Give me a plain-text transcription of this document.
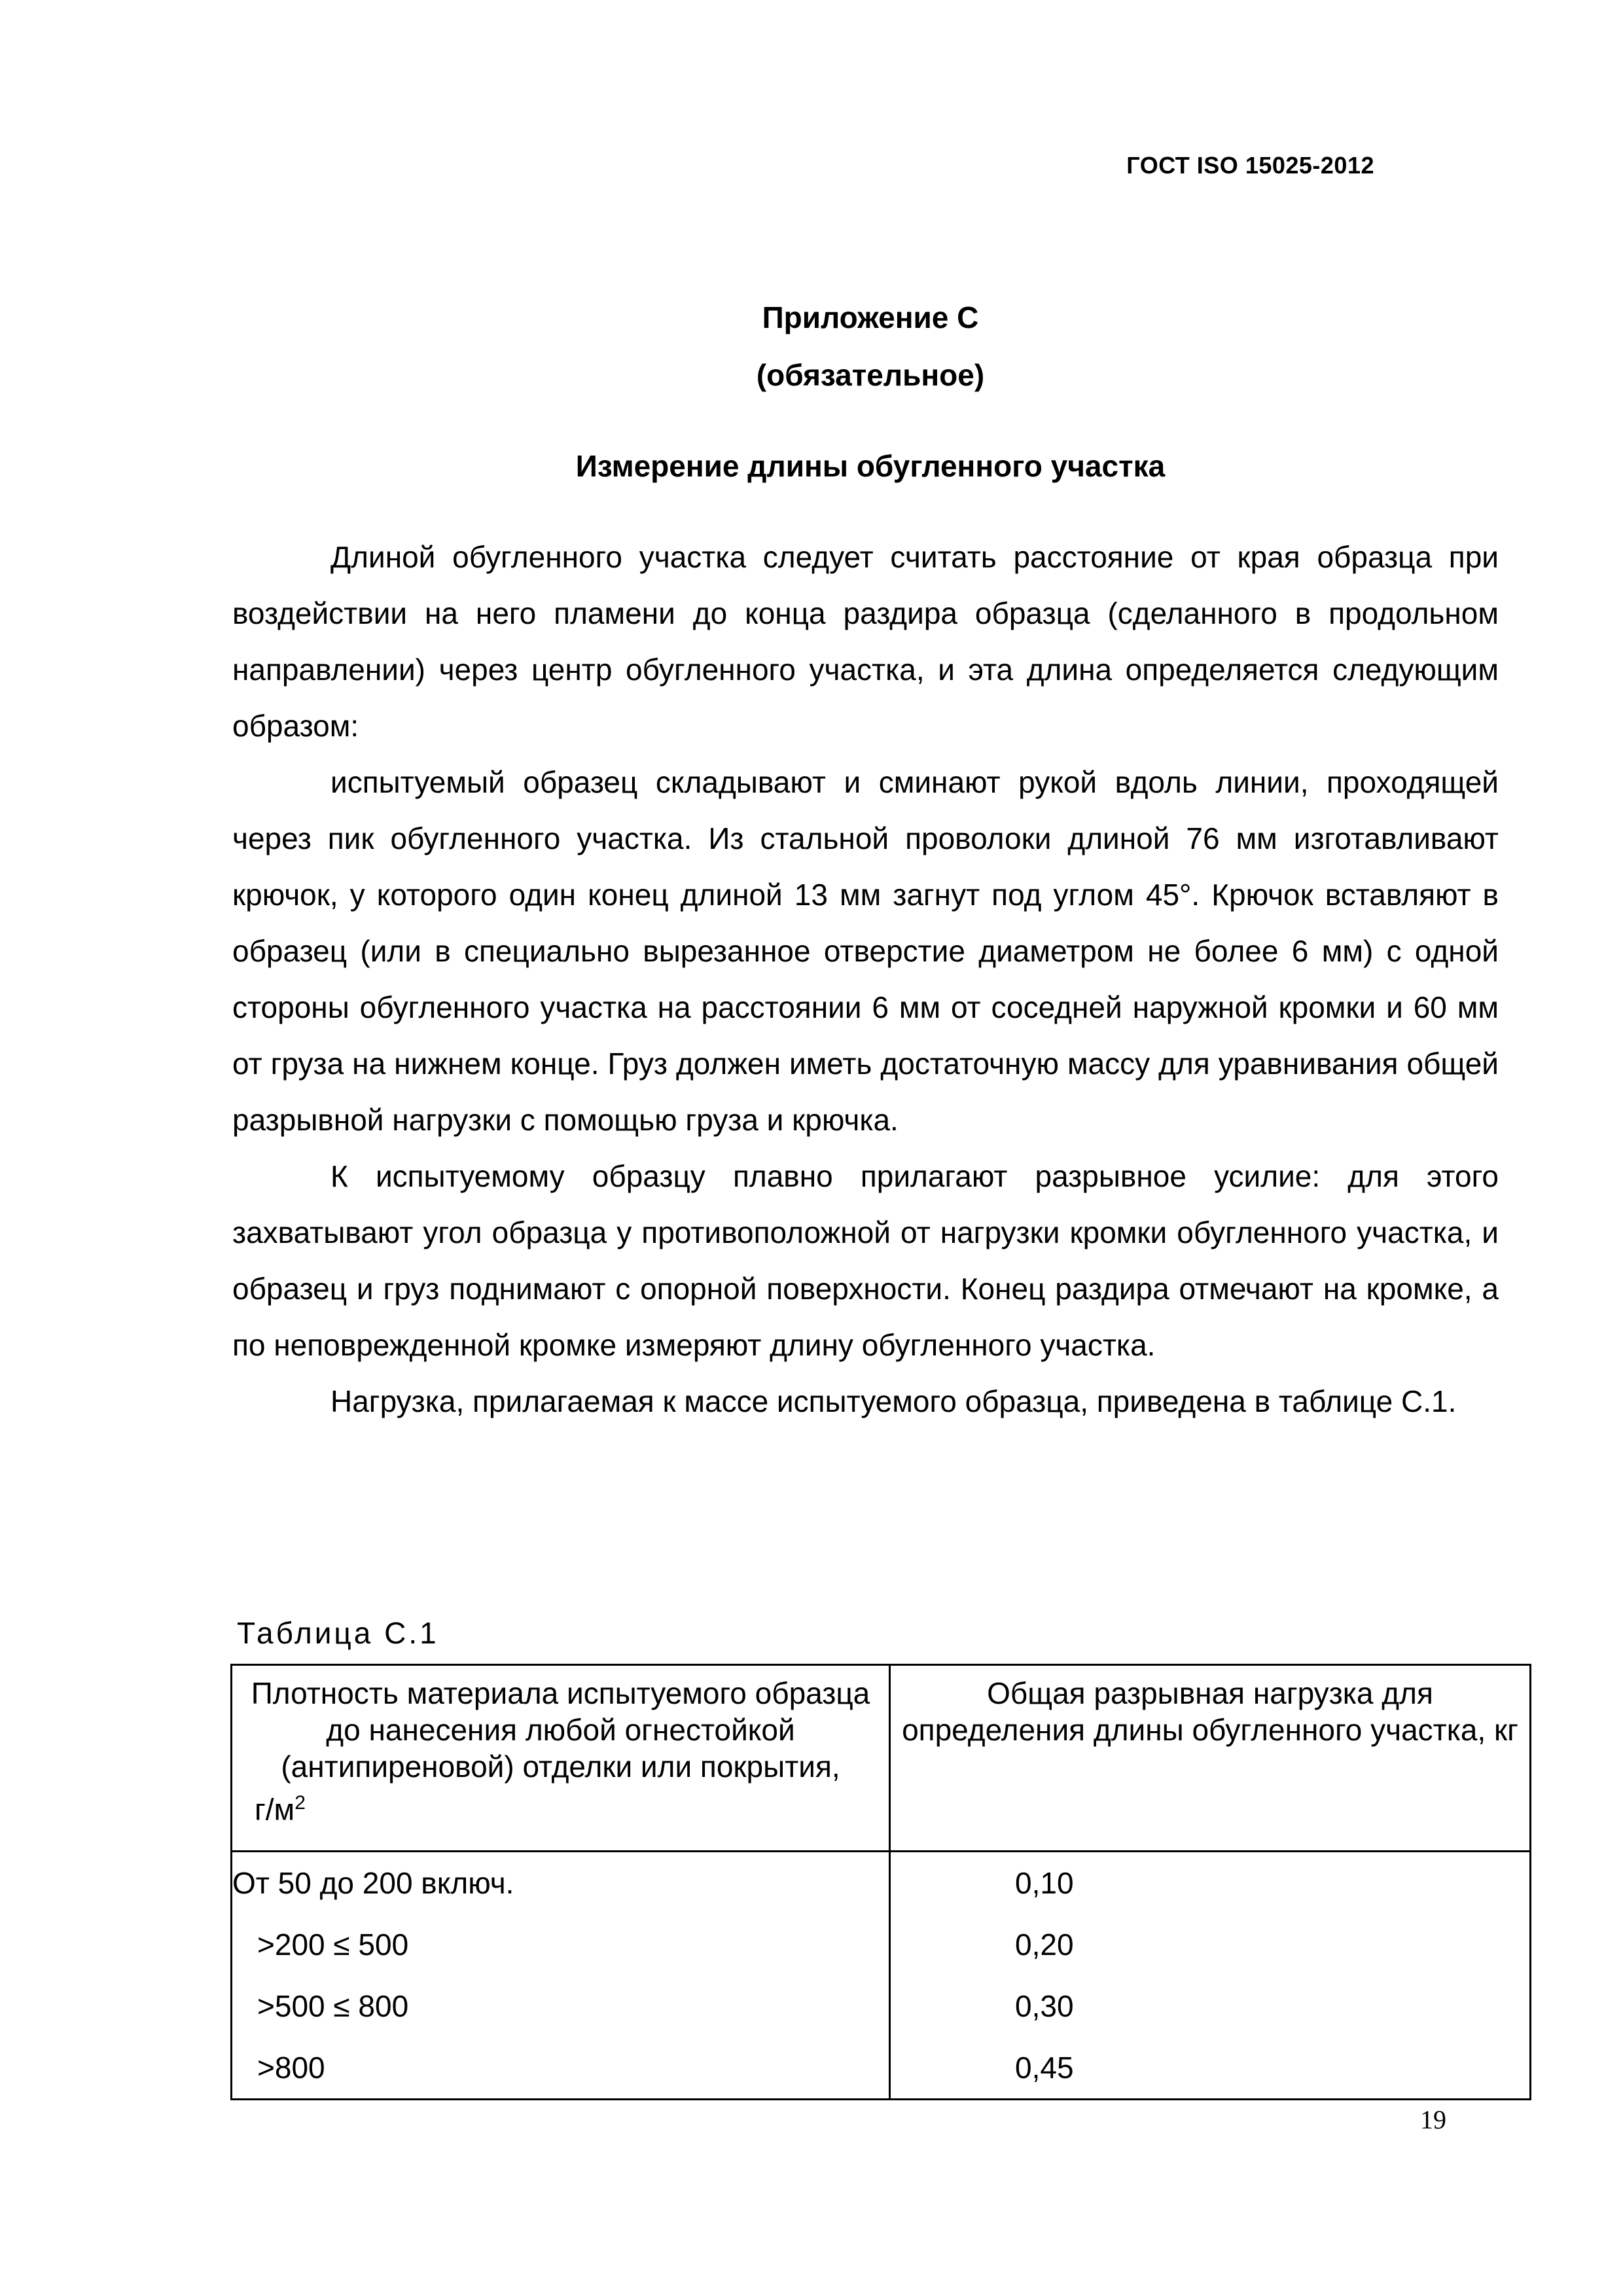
ГОСТ ISO 15025-2012
Приложение С
(обязательное)
Измерение длины обугленного участка

Длиной обугленного участка следует считать расстояние от края образца при воздействии на него пламени до конца раздира образца (сделанного в продольном направлении) через центр обугленного участка, и эта длина определяется следующим образом:

испытуемый образец складывают и сминают рукой вдоль линии, проходящей через пик обугленного участка. Из стальной проволоки длиной 76 мм изготавливают крючок, у которого один конец длиной 13 мм загнут под углом 45°. Крючок вставляют в образец (или в специально вырезанное отверстие диаметром не более 6 мм) с одной стороны обугленного участка на расстоянии 6 мм от соседней наружной кромки и 60 мм от груза на нижнем конце. Груз должен иметь достаточную массу для уравнивания общей разрывной нагрузки с помощью груза и крючка.

К испытуемому образцу плавно прилагают разрывное усилие: для этого захватывают угол образца у противоположной от нагрузки кромки обугленного участка, и образец и груз поднимают с опорной поверхности. Конец раздира отмечают на кромке, а по неповрежденной кромке измеряют длину обугленного участка.

Нагрузка, прилагаемая к массе испытуемого образца, приведена в таблице С.1.

Таблица С.1
Плотность материала испытуемого образца до нанесения любой огнестойкой (антипиреновой) отделки или покрытия,
$г/м^2$	Общая разрывная нагрузка для определения длины обугленного участка, кг
От 50 до 200 включ.	0,10
>200 ≤ 500	0,20
>500 ≤ 800	0,30
>800	0,45
19
